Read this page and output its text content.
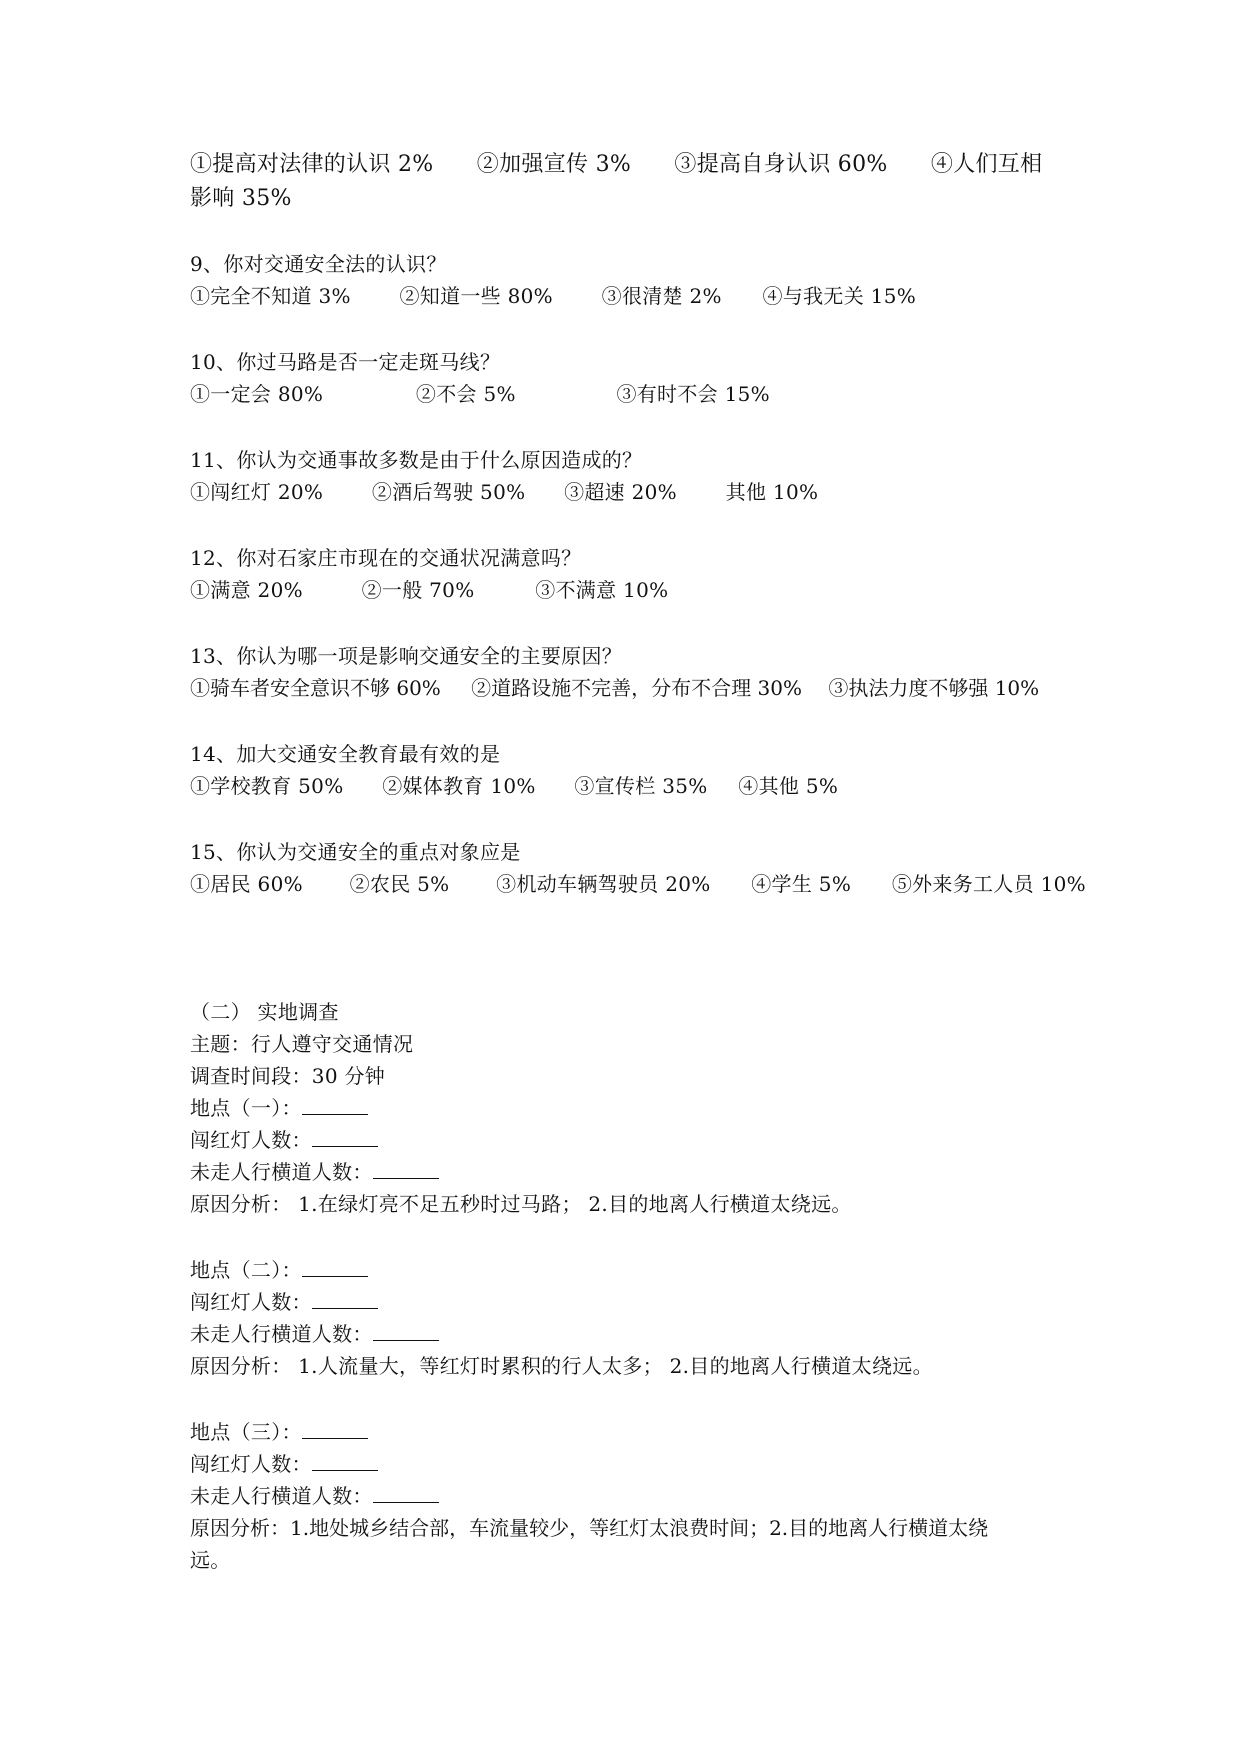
①提高对法律的认识 2% ②加强宣传 3% ③提高自身认识 60% ④人们互相
影响 35%
9、你对交通安全法的认识？
①完全不知道 3% ②知道一些 80% ③很清楚 2% ④与我无关 15%
10、你过马路是否一定走斑马线？
①一定会 80%	②不会 5%	③有时不会 15%
11、你认为交通事故多数是由于什么原因造成的？
①闯红灯 20% ②酒后驾驶 50% ③超速 20% 其他 10%
12、你对石家庄市现在的交通状况满意吗？
①满意 20%	②一般 70%	③不满意 10%
13、你认为哪一项是影响交通安全的主要原因？
①骑车者安全意识不够 60% ②道路设施不完善，分布不合理 30% ③执法力度不够强 10%
14、加大交通安全教育最有效的是
①学校教育 50% ②媒体教育 10% ③宣传栏 35% ④其他 5%
15、你认为交通安全的重点对象应是
①居民 60% ②农民 5% ③机动车辆驾驶员 20% ④学生 5% ⑤外来务工人员 10%
（二） 实地调查
主题：行人遵守交通情况
调查时间段：30 分钟
地点（一）：
闯红灯人数：
未走人行横道人数：
原因分析： 1.在绿灯亮不足五秒时过马路； 2.目的地离人行横道太绕远。
地点（二）：
闯红灯人数：
未走人行横道人数：
原因分析： 1.人流量大，等红灯时累积的行人太多； 2.目的地离人行横道太绕远。
地点（三）：
闯红灯人数：
未走人行横道人数：
原因分析：1.地处城乡结合部，车流量较少，等红灯太浪费时间；2.目的地离人行横道太绕
远。
